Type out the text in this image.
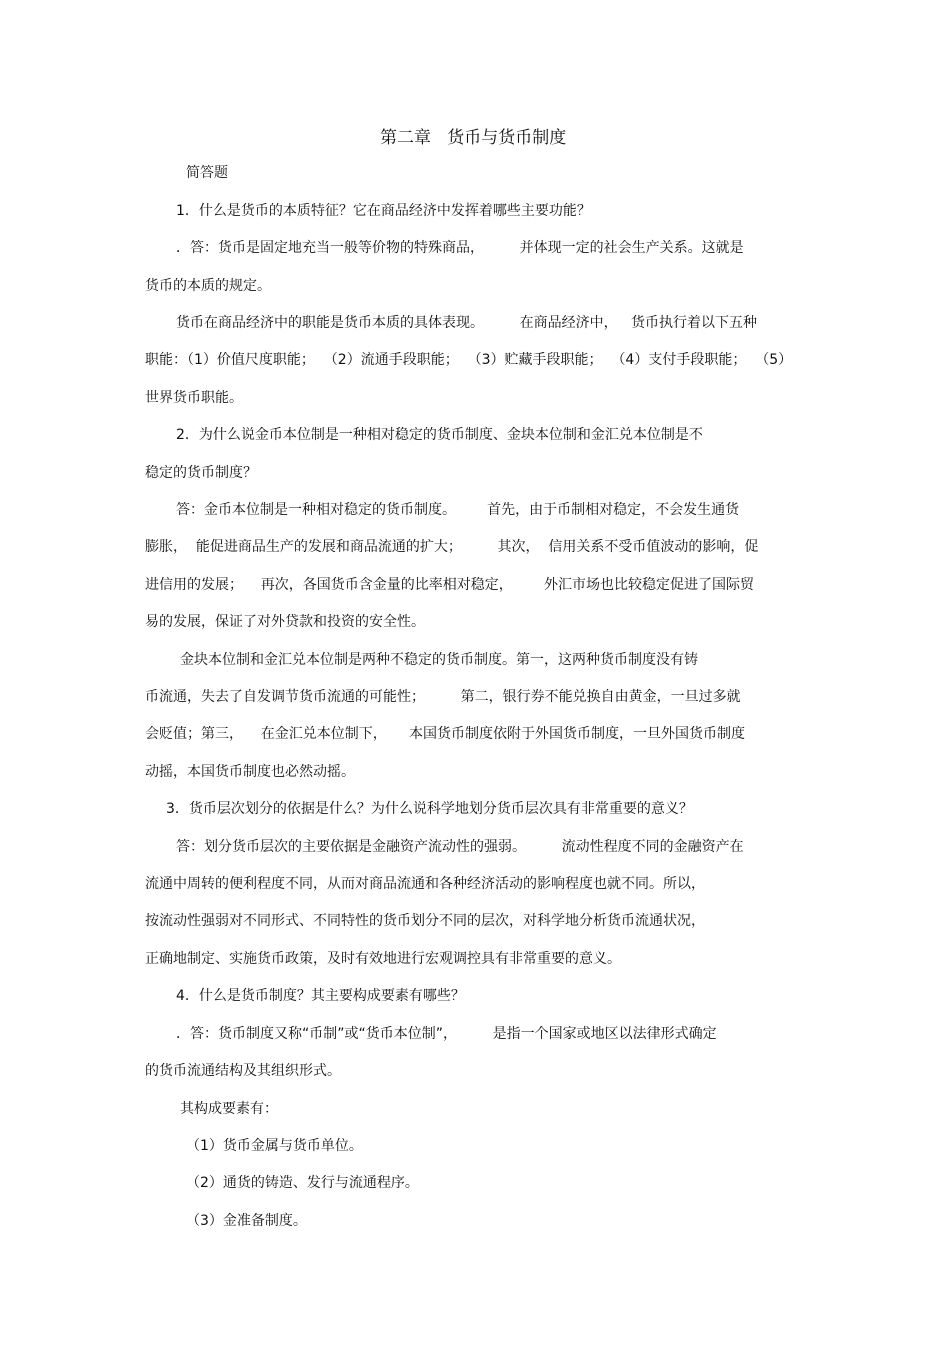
第二章   货币与货币制度
简答题
1．什么是货币的本质特征？它在商品经济中发挥着哪些主要功能？
．答：货币是固定地充当一般等价物的特殊商品，        并体现一定的社会生产关系。这就是
货币的本质的规定。
货币在商品经济中的职能是货币本质的具体表现。        在商品经济中，   货币执行着以下五种
职能：（1）价值尺度职能；  （2）流通手段职能；  （3）贮藏手段职能；  （4）支付手段职能；  （5）
世界货币职能。
2．为什么说金币本位制是一种相对稳定的货币制度、金块本位制和金汇兑本位制是不
稳定的货币制度？
答：金币本位制是一种相对稳定的货币制度。       首先，由于币制相对稳定，不会发生通货
膨胀，  能促进商品生产的发展和商品流通的扩大；        其次，  信用关系不受币值波动的影响，促
进信用的发展；    再次，各国货币含金量的比率相对稳定，       外汇市场也比较稳定促进了国际贸
易的发展，保证了对外贷款和投资的安全性。
金块本位制和金汇兑本位制是两种不稳定的货币制度。第一，这两种货币制度没有铸
币流通，失去了自发调节货币流通的可能性；        第二，银行券不能兑换自由黄金，一旦过多就
会贬值；第三，    在金汇兑本位制下，     本国货币制度依附于外国货币制度，一旦外国货币制度
动摇，本国货币制度也必然动摇。
3．货币层次划分的依据是什么？为什么说科学地划分货币层次具有非常重要的意义？
答：划分货币层次的主要依据是金融资产流动性的强弱。        流动性程度不同的金融资产在
流通中周转的便利程度不同，从而对商品流通和各种经济活动的影响程度也就不同。所以，
按流动性强弱对不同形式、不同特性的货币划分不同的层次，对科学地分析货币流通状况，
正确地制定、实施货币政策，及时有效地进行宏观调控具有非常重要的意义。
4．什么是货币制度？其主要构成要素有哪些？
．答：货币制度又称“币制”或“货币本位制”，        是指一个国家或地区以法律形式确定
的货币流通结构及其组织形式。
其构成要素有：
（1）货币金属与货币单位。
（2）通货的铸造、发行与流通程序。
（3）金准备制度。
